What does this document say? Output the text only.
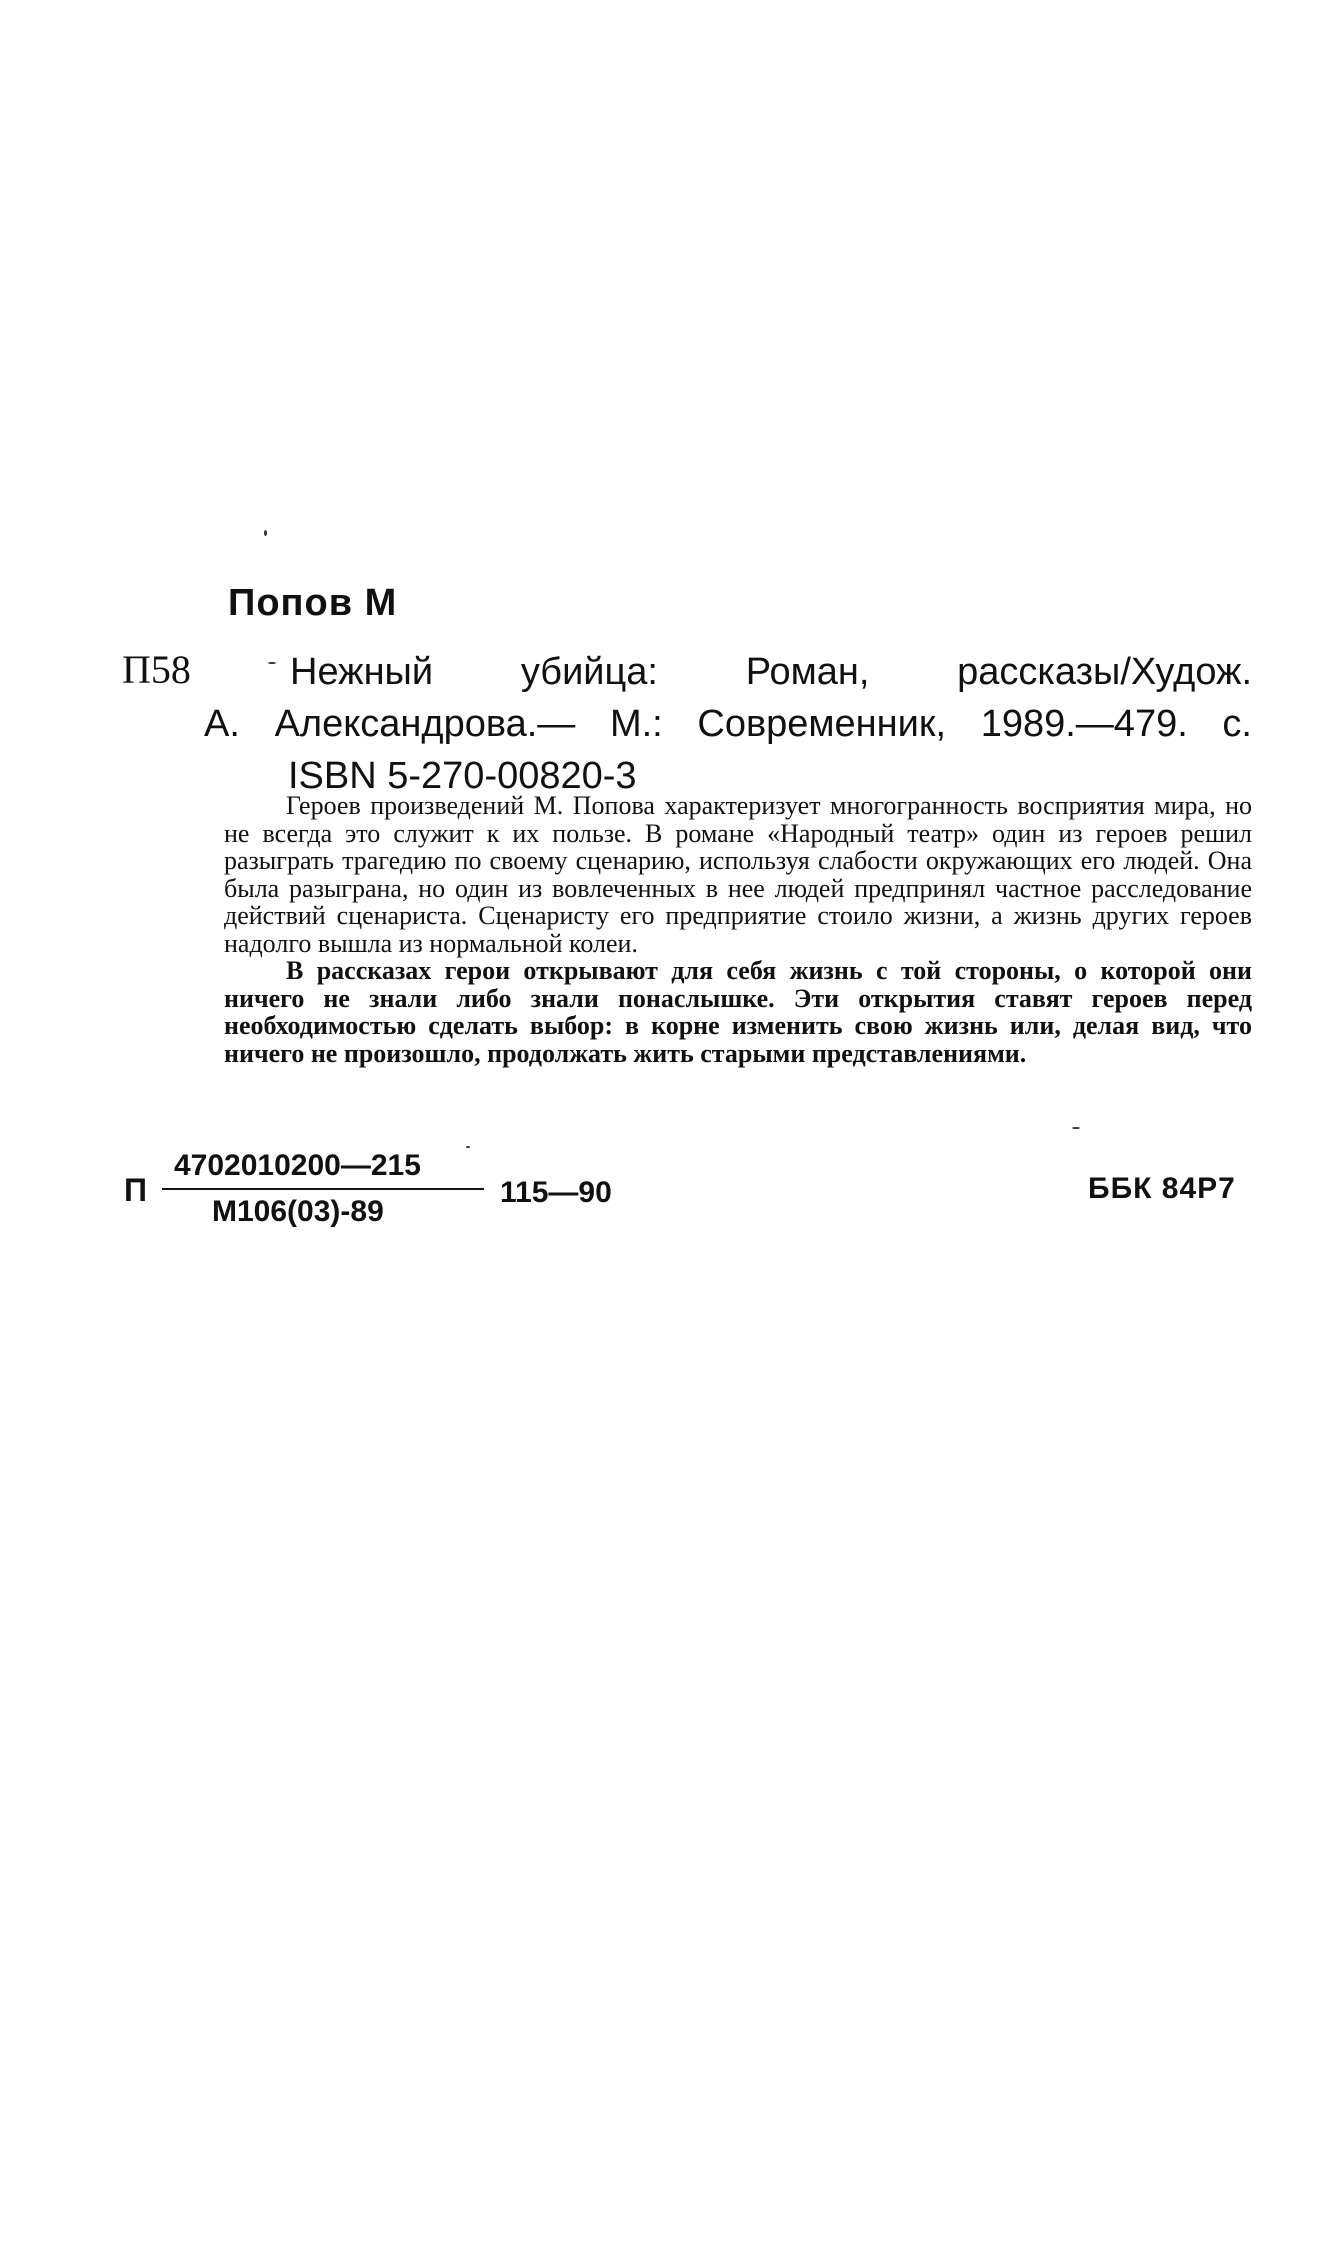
Попов М
П58	Нежный убийца: Роман, рассказы/Худож.
А. Александрова.— М.: Современник, 1989.—479. с.
ISBN 5-270-00820-3

Героев произведений М. Попова характеризует многогранность восприятия мира, но не всегда это служит к их пользе. В романе «Народный театр» один из героев решил разыграть трагедию по своему сценарию, используя слабости окружающих его людей. Она была разыграна, но один из вовлеченных в нее людей предпринял частное расследование действий сценариста. Сценаристу его предприятие стоило жизни, а жизнь других героев надолго вышла из нормальной колеи.

В рассказах герои открывают для себя жизнь с той стороны, о которой они ничего не знали либо знали понаслышке. Эти открытия ставят героев перед необходимостью сделать выбор: в корне изменить свою жизнь или, делая вид, что ничего не произошло, продолжать жить старыми представлениями.

П
4702010200—215
М106(03)-89
115—90	ББК 84Р7
